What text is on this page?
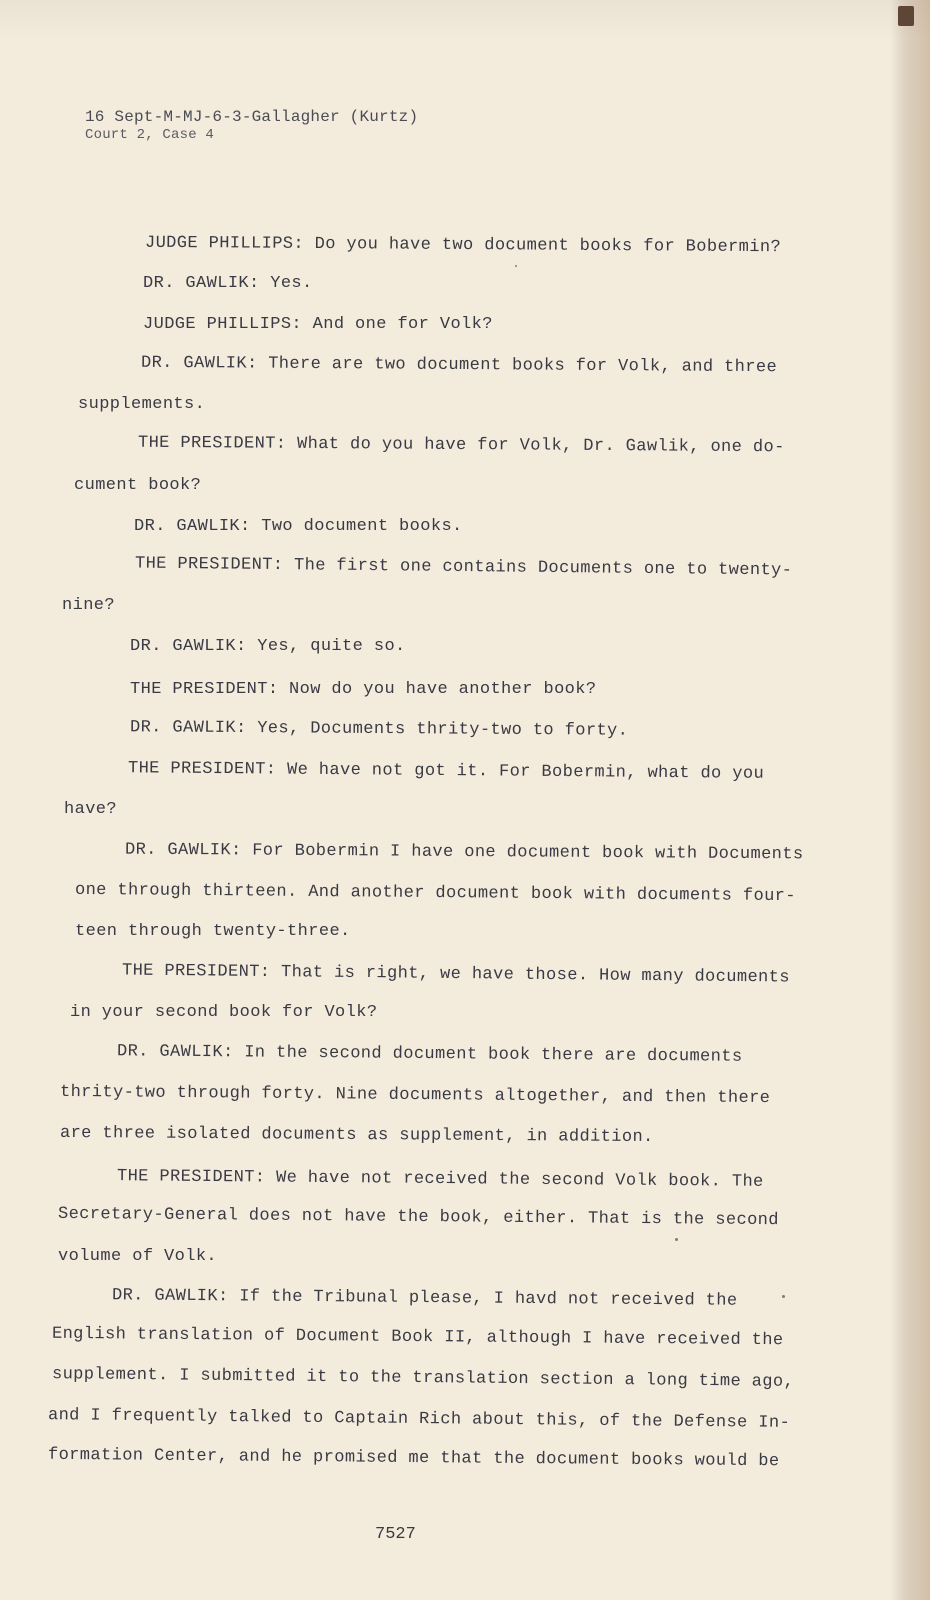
16 Sept-M-MJ-6-3-Gallagher (Kurtz)
Court 2, Case 4
JUDGE PHILLIPS: Do you have two document books for Bobermin?
DR. GAWLIK: Yes.
JUDGE PHILLIPS: And one for Volk?
DR. GAWLIK: There are two document books for Volk, and three
supplements.
THE PRESIDENT: What do you have for Volk, Dr. Gawlik, one do-
cument book?
DR. GAWLIK: Two document books.
THE PRESIDENT: The first one contains Documents one to twenty-
nine?
DR. GAWLIK: Yes, quite so.
THE PRESIDENT: Now do you have another book?
DR. GAWLIK: Yes, Documents thrity-two to forty.
THE PRESIDENT: We have not got it. For Bobermin, what do you
have?
DR. GAWLIK: For Bobermin I have one document book with Documents
one through thirteen. And another document book with documents four-
teen through twenty-three.
THE PRESIDENT: That is right, we have those. How many documents
in your second book for Volk?
DR. GAWLIK: In the second document book there are documents
thrity-two through forty. Nine documents altogether, and then there
are three isolated documents as supplement, in addition.
THE PRESIDENT: We have not received the second Volk book. The
Secretary-General does not have the book, either. That is the second
volume of Volk.
DR. GAWLIK: If the Tribunal please, I havd not received the
English translation of Document Book II, although I have received the
supplement. I submitted it to the translation section a long time ago,
and I frequently talked to Captain Rich about this, of the Defense In-
formation Center, and he promised me that the document books would be
7527
